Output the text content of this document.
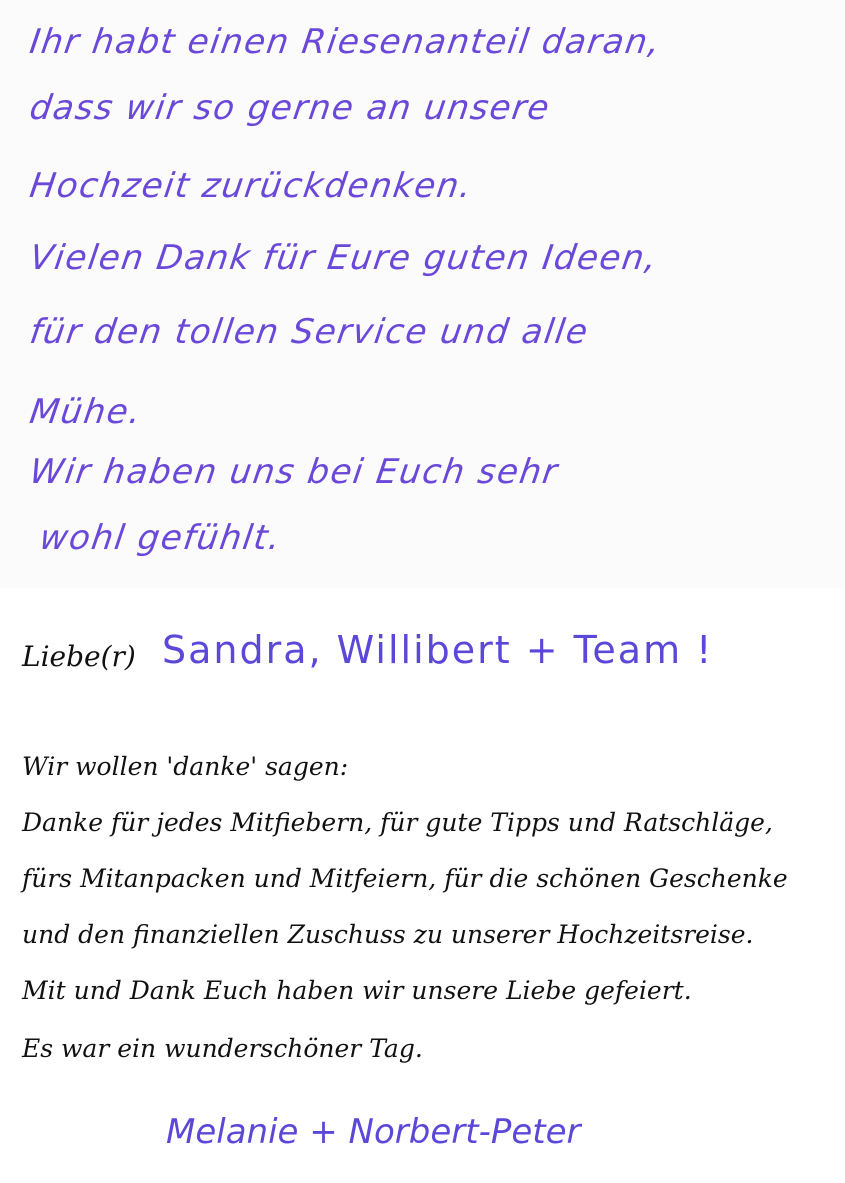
Ihr habt einen Riesenanteil daran,
dass wir so gerne an unsere
Hochzeit zurückdenken.
Vielen Dank für Eure guten Ideen,
für den tollen Service und alle
Mühe.
Wir haben uns bei Euch sehr
wohl gefühlt.
Liebe(r) Sandra, Willibert + Team !
Wir wollen 'danke' sagen:
Danke für jedes Mitfiebern, für gute Tipps und Ratschläge,
fürs Mitanpacken und Mitfeiern, für die schönen Geschenke
und den finanziellen Zuschuss zu unserer Hochzeitsreise.
Mit und Dank Euch haben wir unsere Liebe gefeiert.
Es war ein wunderschöner Tag.
Melanie + Norbert-Peter
